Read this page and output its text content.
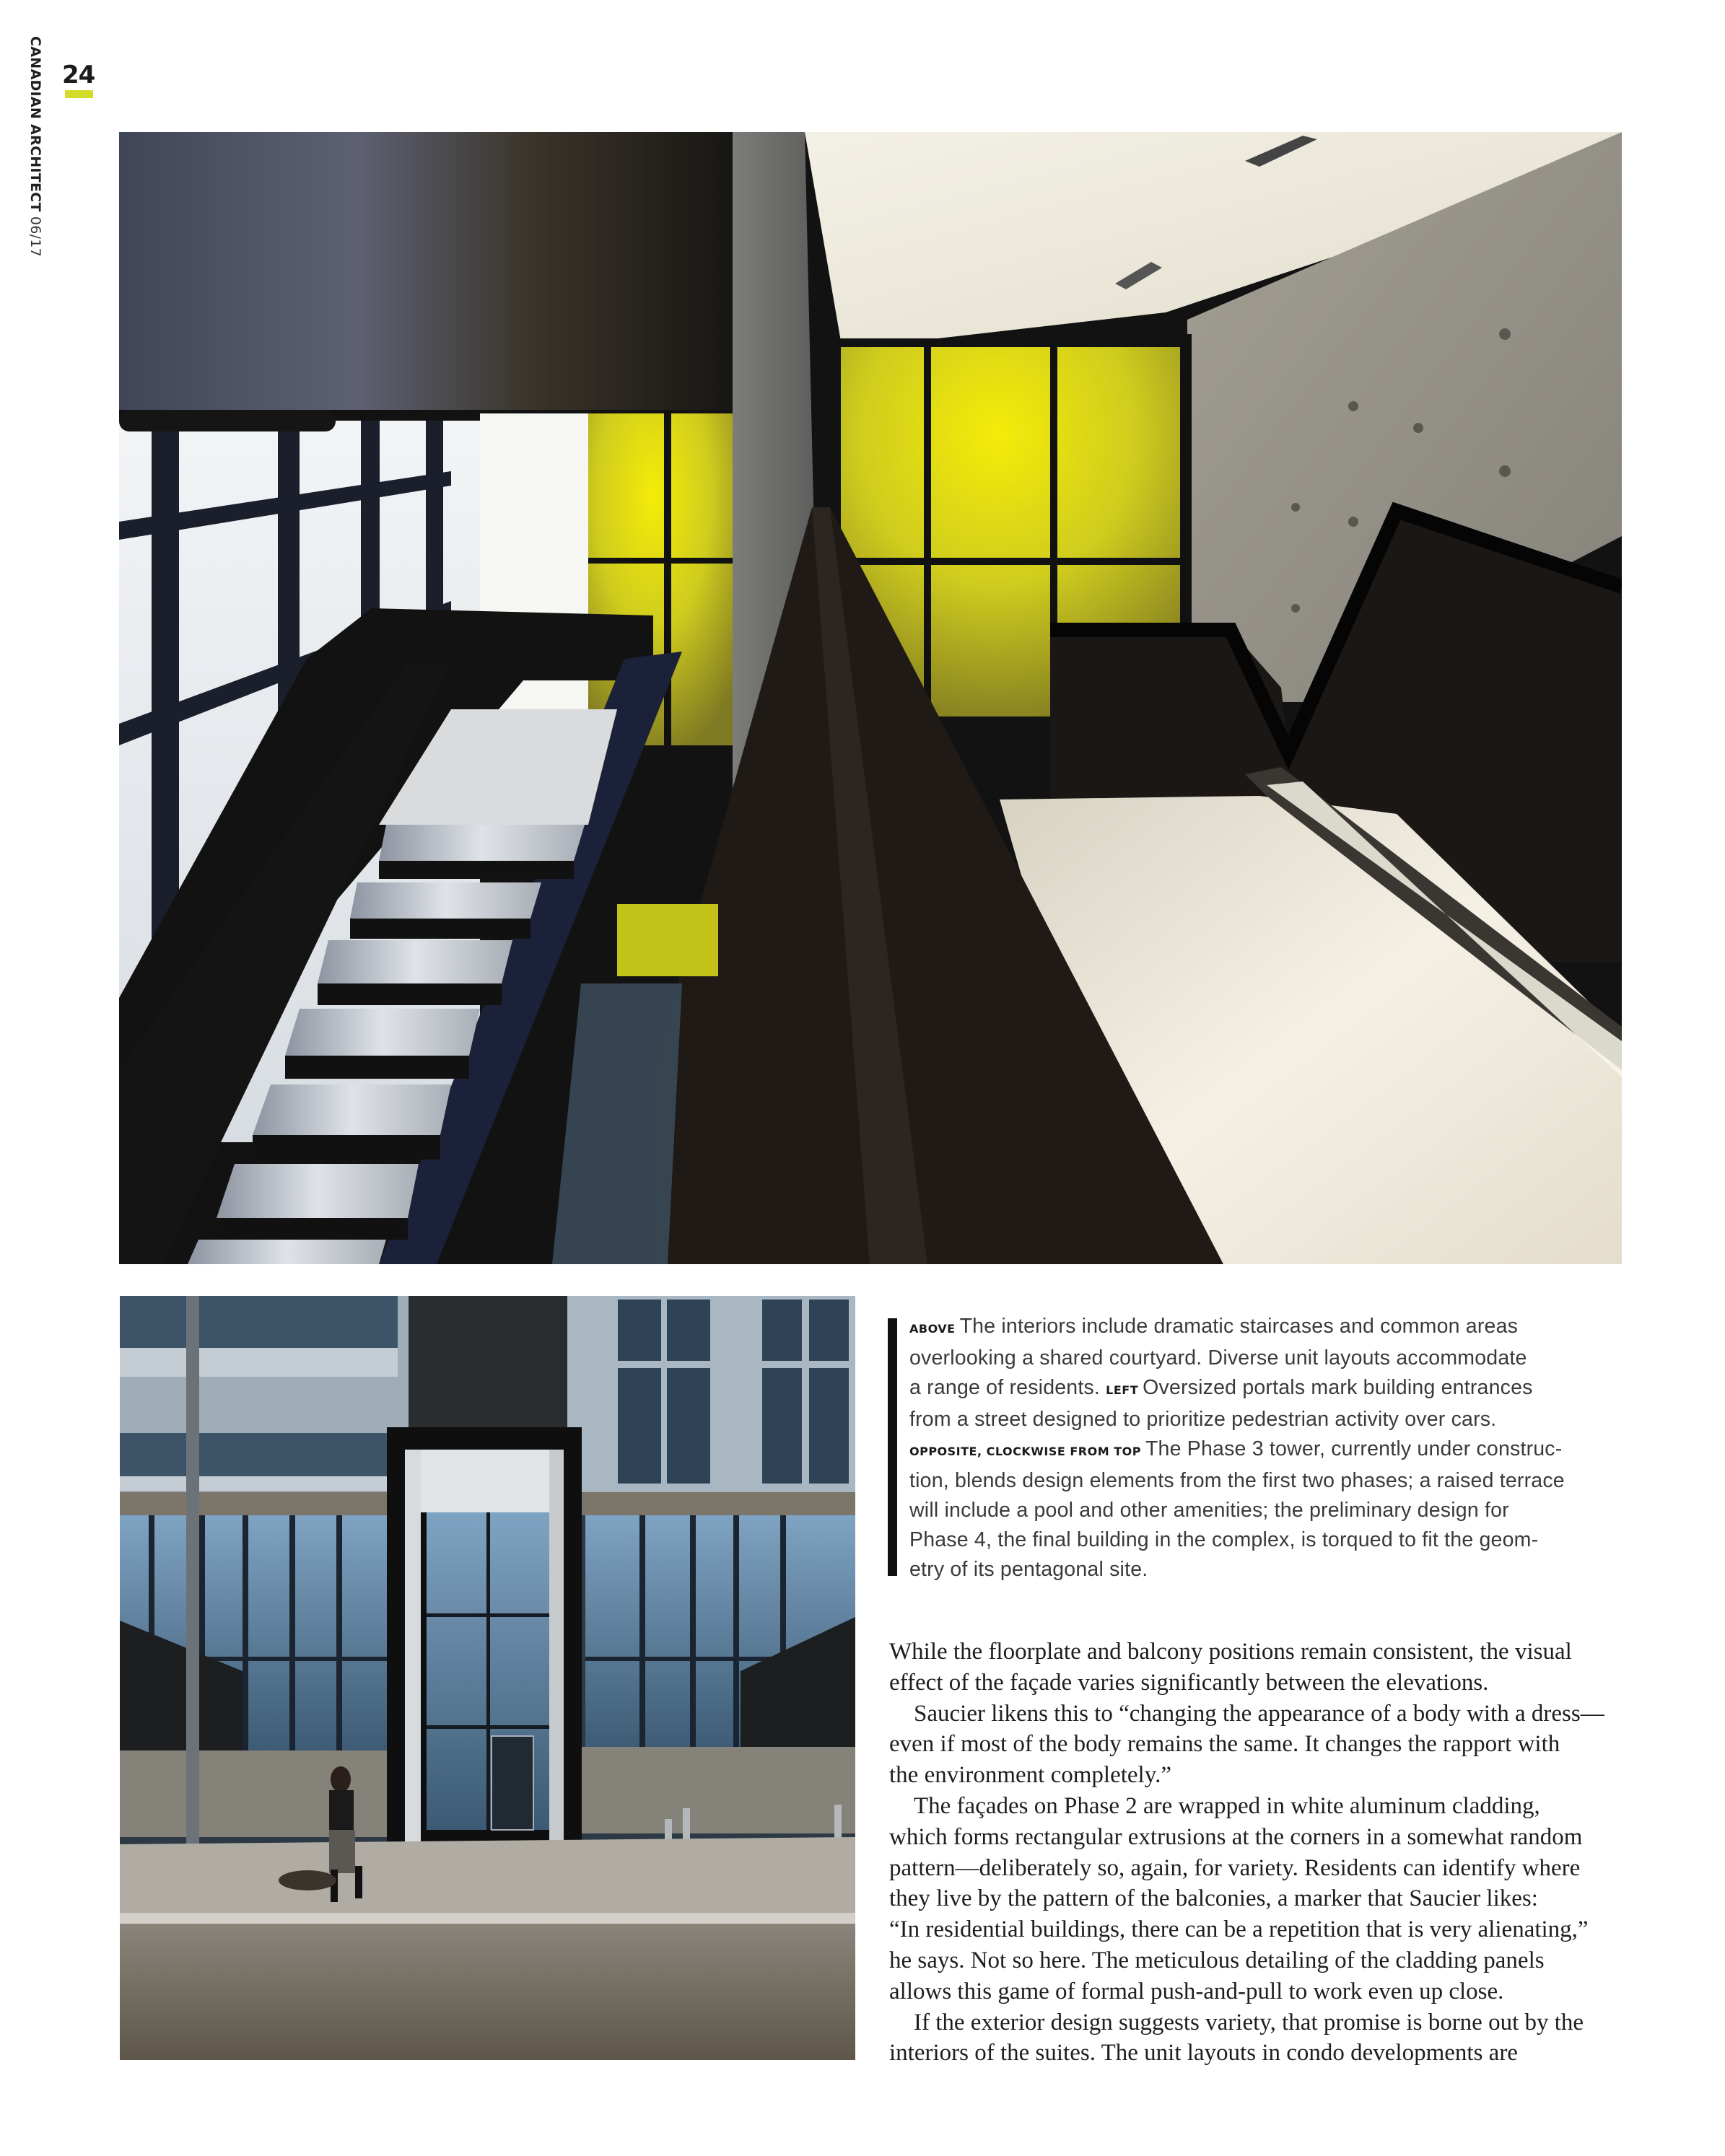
CANADIAN ARCHITECT06/17
24
ABOVE The interiors include dramatic staircases and common areas
overlooking a shared courtyard. Diverse unit layouts accommodate
a range of residents. LEFT Oversized portals mark building entrances
from a street designed to prioritize pedestrian activity over cars.
OPPOSITE, CLOCKWISE FROM TOP The Phase 3 tower, currently under construc-
tion, blends design elements from the first two phases; a raised terrace
will include a pool and other amenities; the preliminary design for
Phase 4, the final building in the complex, is torqued to fit the geom-
etry of its pentagonal site.
While the floorplate and balcony positions remain consistent, the visual
effect of the façade varies significantly between the elevations.
Saucier likens this to “changing the appearance of a body with a dress—
even if most of the body remains the same. It changes the rapport with
the environment completely.”
The façades on Phase 2 are wrapped in white aluminum cladding,
which forms rectangular extrusions at the corners in a somewhat random
pattern—deliberately so, again, for variety. Residents can identify where
they live by the pattern of the balconies, a marker that Saucier likes:
“In residential buildings, there can be a repetition that is very alienating,”
he says. Not so here. The meticulous detailing of the cladding panels
allows this game of formal push-and-pull to work even up close.
If the exterior design suggests variety, that promise is borne out by the
interiors of the suites. The unit layouts in condo developments are
